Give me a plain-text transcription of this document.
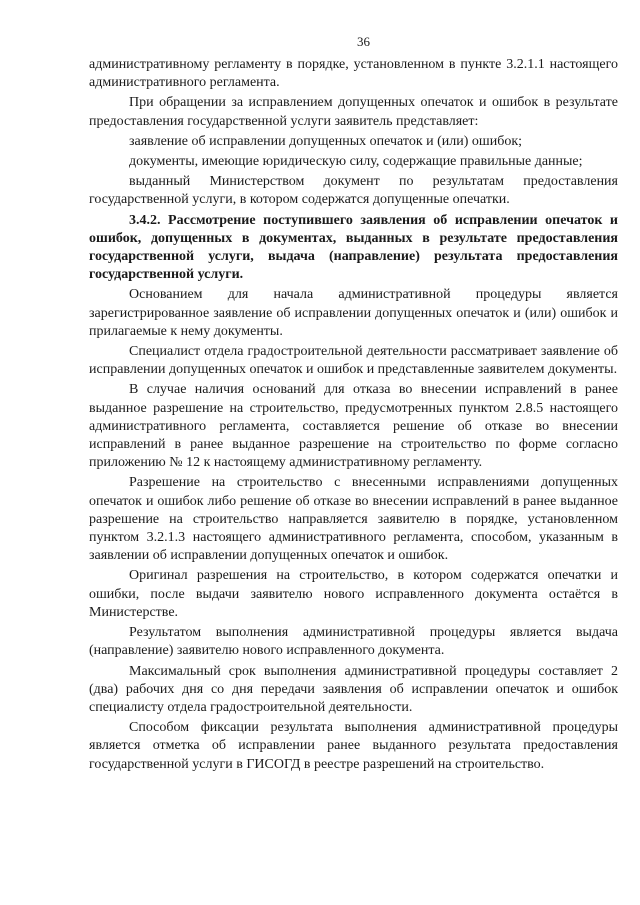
36

административному регламенту в порядке, установленном в пункте 3.2.1.1 настоящего административного регламента.

При обращении за исправлением допущенных опечаток и ошибок в результате предоставления государственной услуги заявитель представляет:

заявление об исправлении допущенных опечаток и (или) ошибок;

документы, имеющие юридическую силу, содержащие правильные данные;

выданный Министерством документ по результатам предоставления государственной услуги, в котором содержатся допущенные опечатки.

3.4.2. Рассмотрение поступившего заявления об исправлении опечаток и ошибок, допущенных в документах, выданных в результате предоставления государственной услуги, выдача (направление) результата предоставления государственной услуги.

Основанием для начала административной процедуры является зарегистрированное заявление об исправлении допущенных опечаток и (или) ошибок и прилагаемые к нему документы.

Специалист отдела градостроительной деятельности рассматривает заявление об исправлении допущенных опечаток и ошибок и представленные заявителем документы.

В случае наличия оснований для отказа во внесении исправлений в ранее выданное разрешение на строительство, предусмотренных пунктом 2.8.5 настоящего административного регламента, составляется решение об отказе во внесении исправлений в ранее выданное разрешение на строительство по форме согласно приложению № 12 к настоящему административному регламенту.

Разрешение на строительство с внесенными исправлениями допущенных опечаток и ошибок либо решение об отказе во внесении исправлений в ранее выданное разрешение на строительство направляется заявителю в порядке, установленном пунктом 3.2.1.3 настоящего административного регламента, способом, указанным в заявлении об исправлении допущенных опечаток и ошибок.

Оригинал разрешения на строительство, в котором содержатся опечатки и ошибки, после выдачи заявителю нового исправленного документа остаётся в Министерстве.

Результатом выполнения административной процедуры является выдача (направление) заявителю нового исправленного документа.

Максимальный срок выполнения административной процедуры составляет 2 (два) рабочих дня со дня передачи заявления об исправлении опечаток и ошибок специалисту отдела градостроительной деятельности.

Способом фиксации результата выполнения административной процедуры является отметка об исправлении ранее выданного результата предоставления государственной услуги в ГИСОГД в реестре разрешений на строительство.
